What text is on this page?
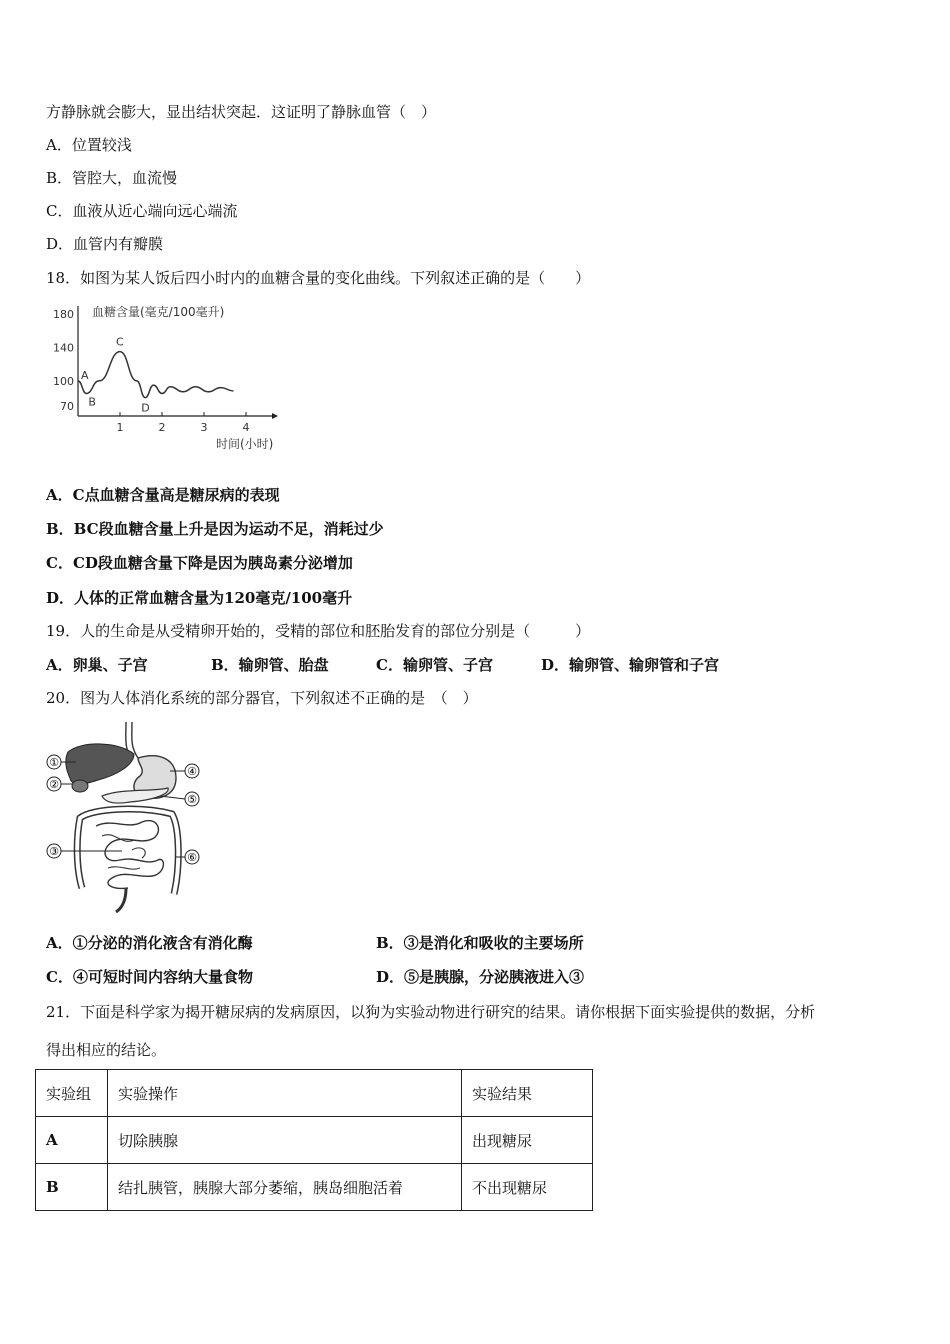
方静脉就会膨大，显出结状突起．这证明了静脉血管（　）
A．位置较浅
B．管腔大，血流慢
C．血液从近心端向远心端流
D．血管内有瓣膜
18．如图为某人饭后四小时内的血糖含量的变化曲线。下列叙述正确的是（　　）
血糖含量(毫克/100毫升)
180
140
100
70
1	2	3	4
A
B
C
D
时间(小时)
A．C点血糖含量高是糖尿病的表现
B．BC段血糖含量上升是因为运动不足，消耗过少
C．CD段血糖含量下降是因为胰岛素分泌增加
D．人体的正常血糖含量为120毫克/100毫升
19．人的生命是从受精卵开始的，受精的部位和胚胎发育的部位分别是（　　　）
A．卵巢、子宫	B．输卵管、胎盘	C．输卵管、子宫	D．输卵管、输卵管和子宫
20．图为人体消化系统的部分器官，下列叙述不正确的是　（　）
①
②
③
④
⑤
⑥
A．①分泌的消化液含有消化酶	B．③是消化和吸收的主要场所
C．④可短时间内容纳大量食物	D．⑤是胰腺，分泌胰液进入③
21．下面是科学家为揭开糖尿病的发病原因，以狗为实验动物进行研究的结果。请你根据下面实验提供的数据，分析
得出相应的结论。
实验组	实验操作	实验结果
A	切除胰腺	出现糖尿
B	结扎胰管，胰腺大部分萎缩，胰岛细胞活着	不出现糖尿
